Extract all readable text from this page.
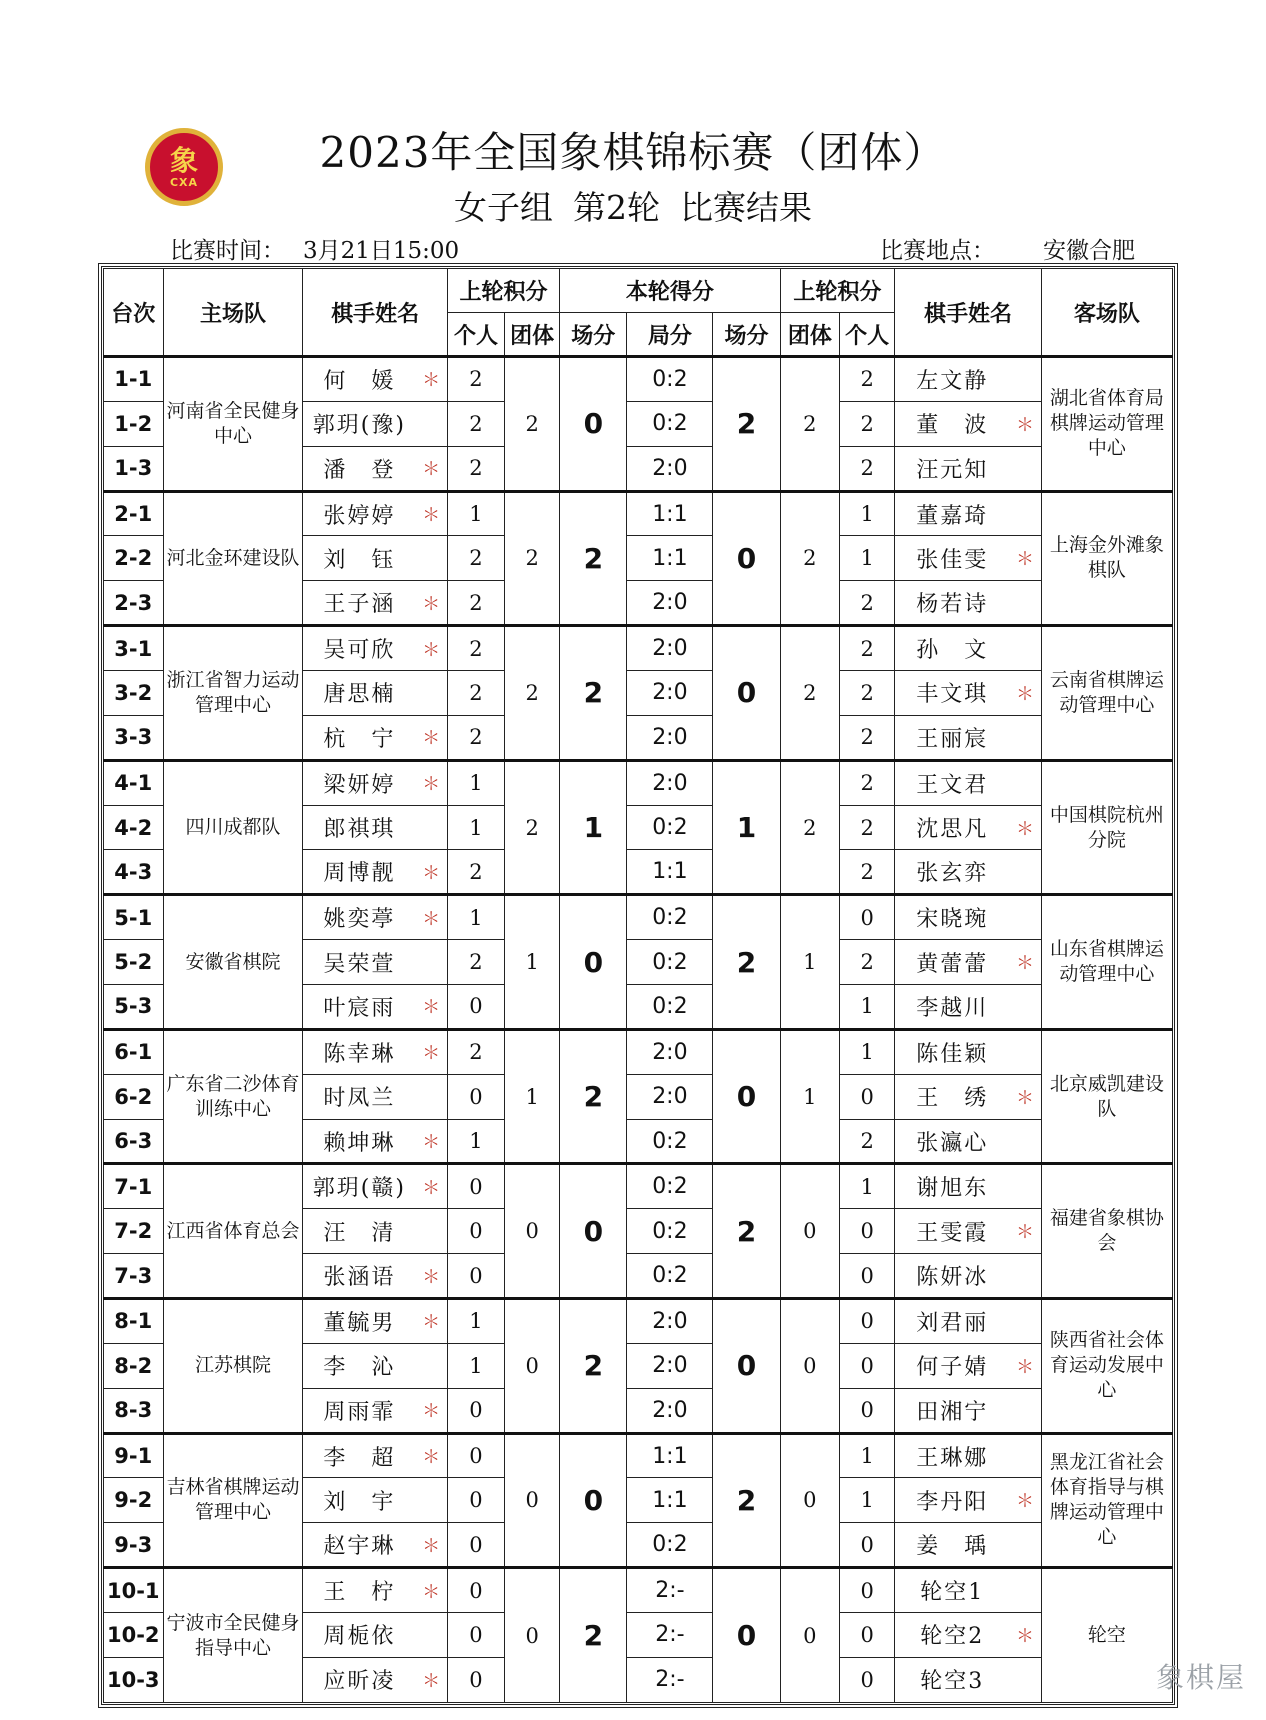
象
CXA
2023年全国象棋锦标赛（团体）
女子组 第2轮 比赛结果
比赛时间： 3月21日15:00	比赛地点： 安徽合肥
台次	主场队	棋手姓名		上轮积分		本轮得分			上轮积分		棋手姓名		客场队
				个人	团体	场分	局分	场分	团体	个人			
1-1	河南省全民健身中心	何　媛	＊	2	2	0	0:2	2	2	2	左文静		湖北省体育局棋牌运动管理中心
1-2		郭玥(豫)		2			0:2			2	董　波	＊	
1-3		潘　登	＊	2			2:0			2	汪元知		
2-1	河北金环建设队	张婷婷	＊	1	2	2	1:1	0	2	1	董嘉琦		上海金外滩象棋队
2-2		刘　钰		2			1:1			1	张佳雯	＊	
2-3		王子涵	＊	2			2:0			2	杨若诗		
3-1	浙江省智力运动管理中心	吴可欣	＊	2	2	2	2:0	0	2	2	孙　文		云南省棋牌运动管理中心
3-2		唐思楠		2			2:0			2	丰文琪	＊	
3-3		杭　宁	＊	2			2:0			2	王丽宸		
4-1	四川成都队	梁妍婷	＊	1	2	1	2:0	1	2	2	王文君		中国棋院杭州分院
4-2		郎祺琪		1			0:2			2	沈思凡	＊	
4-3		周博靓	＊	2			1:1			2	张玄弈		
5-1	安徽省棋院	姚奕葶	＊	1	1	0	0:2	2	1	0	宋晓琬		山东省棋牌运动管理中心
5-2		吴荣萱		2			0:2			2	黄蕾蕾	＊	
5-3		叶宸雨	＊	0			0:2			1	李越川		
6-1	广东省二沙体育训练中心	陈幸琳	＊	2	1	2	2:0	0	1	1	陈佳颖		北京威凯建设队
6-2		时凤兰		0			2:0			0	王　绣	＊	
6-3		赖坤琳	＊	1			0:2			2	张瀛心		
7-1	江西省体育总会	郭玥(赣)	＊	0	0	0	0:2	2	0	1	谢旭东		福建省象棋协会
7-2		汪　清		0			0:2			0	王雯霞	＊	
7-3		张涵语	＊	0			0:2			0	陈妍冰		
8-1	江苏棋院	董毓男	＊	1	0	2	2:0	0	0	0	刘君丽		陕西省社会体育运动发展中心
8-2		李　沁		1			2:0			0	何子婧	＊	
8-3		周雨霏	＊	0			2:0			0	田湘宁		
9-1	吉林省棋牌运动管理中心	李　超	＊	0	0	0	1:1	2	0	1	王琳娜		黑龙江省社会体育指导与棋牌运动管理中心
9-2		刘　宇		0			1:1			1	李丹阳	＊	
9-3		赵宇琳	＊	0			0:2			0	姜　瑀		
10-1	宁波市全民健身指导中心	王　柠	＊	0	0	2	2:-	0	0	0	轮空1		轮空
10-2		周栀依		0			2:-			0	轮空2	＊	
10-3		应昕凌	＊	0			2:-			0	轮空3			象棋屋
